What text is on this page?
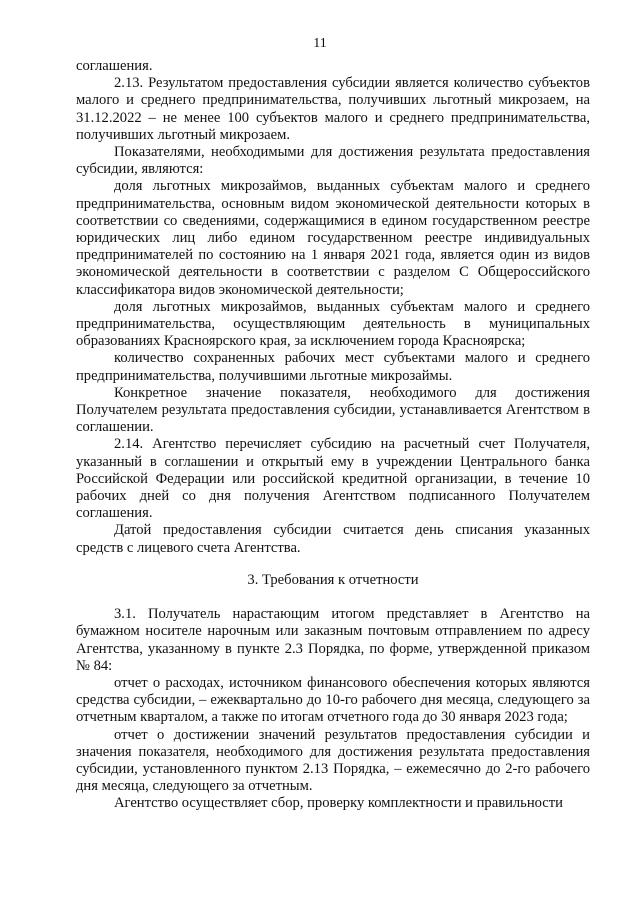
11

соглашения.

2.13. Результатом предоставления субсидии является количество субъектов малого и среднего предпринимательства, получивших льготный микрозаем, на 31.12.2022 – не менее 100 субъектов малого и среднего предпринимательства, получивших льготный микрозаем.

Показателями, необходимыми для достижения результата предоставления субсидии, являются:

доля льготных микрозаймов, выданных субъектам малого и среднего предпринимательства, основным видом экономической деятельности которых в соответствии со сведениями, содержащимися в едином государственном реестре юридических лиц либо едином государственном реестре индивидуальных предпринимателей по состоянию на 1 января 2021 года, является один из видов экономической деятельности в соответствии с разделом С Общероссийского классификатора видов экономической деятельности;

доля льготных микрозаймов, выданных субъектам малого и среднего предпринимательства, осуществляющим деятельность в муниципальных образованиях Красноярского края, за исключением города Красноярска;

количество сохраненных рабочих мест субъектами малого и среднего предпринимательства, получившими льготные микрозаймы.

Конкретное значение показателя, необходимого для достижения Получателем результата предоставления субсидии, устанавливается Агентством в соглашении.

2.14. Агентство перечисляет субсидию на расчетный счет Получателя, указанный в соглашении и открытый ему в учреждении Центрального банка Российской Федерации или российской кредитной организации, в течение 10 рабочих дней со дня получения Агентством подписанного Получателем соглашения.

Датой предоставления субсидии считается день списания указанных средств с лицевого счета Агентства.

3. Требования к отчетности

3.1. Получатель нарастающим итогом представляет в Агентство на бумажном носителе нарочным или заказным почтовым отправлением по адресу Агентства, указанному в пункте 2.3 Порядка, по форме, утвержденной приказом № 84:

отчет о расходах, источником финансового обеспечения которых являются средства субсидии, – ежеквартально до 10-го рабочего дня месяца, следующего за отчетным кварталом, а также по итогам отчетного года до 30 января 2023 года;

отчет о достижении значений результатов предоставления субсидии и значения показателя, необходимого для достижения результата предоставления субсидии, установленного пунктом 2.13 Порядка, – ежемесячно до 2-го рабочего дня месяца, следующего за отчетным.

Агентство осуществляет сбор, проверку комплектности и правильности
